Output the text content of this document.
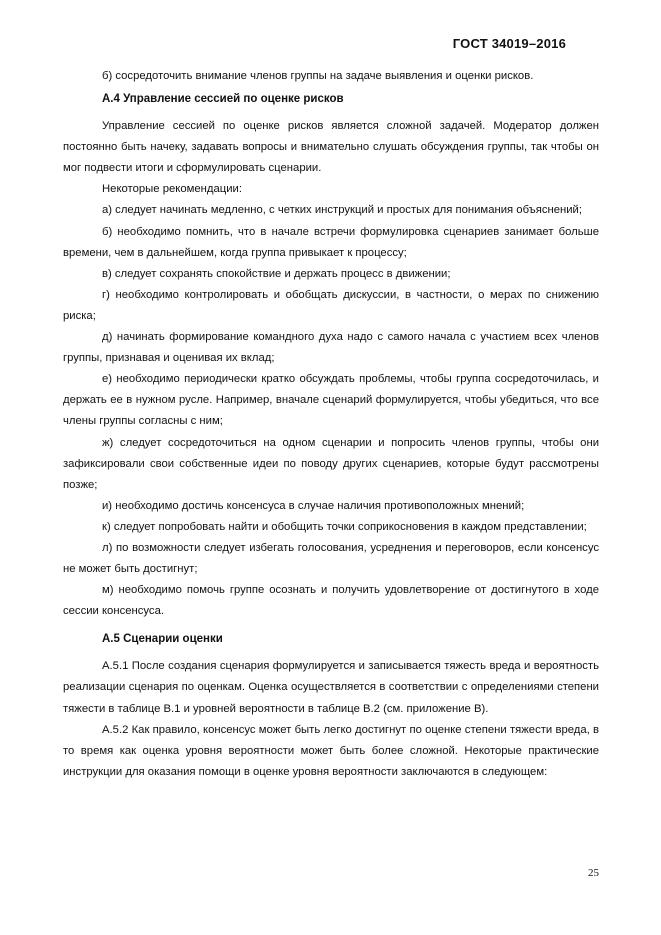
ГОСТ 34019–2016

б) сосредоточить внимание членов группы на задаче выявления и оценки рисков.

А.4 Управление сессией по оценке рисков

Управление сессией по оценке рисков является сложной задачей. Модератор должен постоянно быть начеку, задавать вопросы и внимательно слушать обсуждения группы, так чтобы он мог подвести итоги и сформулировать сценарии.

Некоторые рекомендации:

а) следует начинать медленно, с четких инструкций и простых для понимания объяснений;

б) необходимо помнить, что в начале встречи формулировка сценариев занимает больше времени, чем в дальнейшем, когда группа привыкает к процессу;

в) следует сохранять спокойствие и держать процесс в движении;

г) необходимо контролировать и обобщать дискуссии, в частности, о мерах по снижению риска;

д) начинать формирование командного духа надо с самого начала с участием всех членов группы, признавая и оценивая их вклад;

е) необходимо периодически кратко обсуждать проблемы, чтобы группа сосредоточилась, и держать ее в нужном русле. Например, вначале сценарий формулируется, чтобы убедиться, что все члены группы согласны с ним;

ж) следует сосредоточиться на одном сценарии и попросить членов группы, чтобы они зафиксировали свои собственные идеи по поводу других сценариев, которые будут рассмотрены позже;

и) необходимо достичь консенсуса в случае наличия противоположных мнений;

к) следует попробовать найти и обобщить точки соприкосновения в каждом представлении;

л) по возможности следует избегать голосования, усреднения и переговоров, если консенсус не может быть достигнут;

м) необходимо помочь группе осознать и получить удовлетворение от достигнутого в ходе сессии консенсуса.

А.5 Сценарии оценки

А.5.1 После создания сценария формулируется и записывается тяжесть вреда и вероятность реализации сценария по оценкам. Оценка осуществляется в соответствии с определениями степени тяжести в таблице В.1 и уровней вероятности в таблице В.2 (см. приложение В).

А.5.2 Как правило, консенсус может быть легко достигнут по оценке степени тяжести вреда, в то время как оценка уровня вероятности может быть более сложной. Некоторые практические инструкции для оказания помощи в оценке уровня вероятности заключаются в следующем:

25
